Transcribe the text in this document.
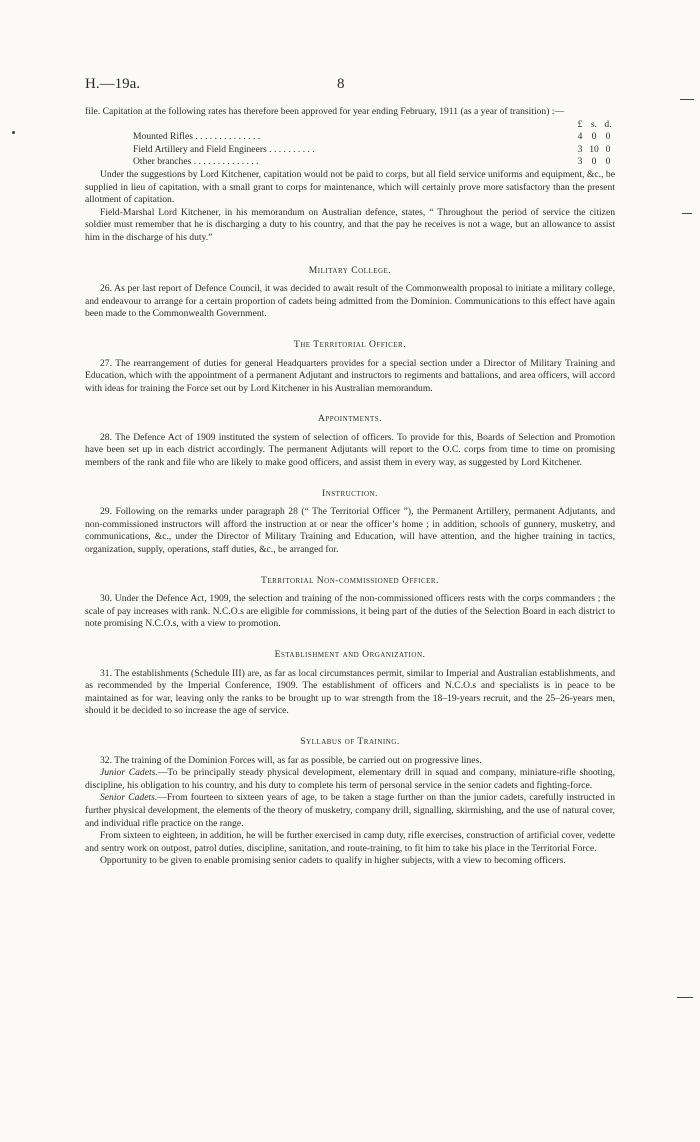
H.—19a.	8

file. Capitation at the following rates has therefore been approved for year ending February, 1911 (as a year of transition) :—

£ s. d.
Mounted Rifles . . . . . . . . . . . . . .	4 0 0
Field Artillery and Field Engineers . . . . . . . . . .	3 10 0
Other branches . . . . . . . . . . . . . .	3 0 0

Under the suggestions by Lord Kitchener, capitation would not be paid to corps, but all field service uniforms and equipment, &c., be supplied in lieu of capitation, with a small grant to corps for maintenance, which will certainly prove more satisfactory than the present allotment of capitation.

Field-Marshal Lord Kitchener, in his memorandum on Australian defence, states, “ Throughout the period of service the citizen soldier must remember that he is discharging a duty to his country, and that the pay he receives is not a wage, but an allowance to assist him in the discharge of his duty.”

Military College.

26. As per last report of Defence Council, it was decided to await result of the Commonwealth proposal to initiate a military college, and endeavour to arrange for a certain proportion of cadets being admitted from the Dominion. Communications to this effect have again been made to the Commonwealth Government.

The Territorial Officer.

27. The rearrangement of duties for general Headquarters provides for a special section under a Director of Military Training and Education, which with the appointment of a permanent Adjutant and instructors to regiments and battalions, and area officers, will accord with ideas for training the Force set out by Lord Kitchener in his Australian memorandum.

Appointments.

28. The Defence Act of 1909 instituted the system of selection of officers. To provide for this, Boards of Selection and Promotion have been set up in each district accordingly. The permanent Adjutants will report to the O.C. corps from time to time on promising members of the rank and file who are likely to make good officers, and assist them in every way, as suggested by Lord Kitchener.

Instruction.

29. Following on the remarks under paragraph 28 (“ The Territorial Officer ”), the Permanent Artillery, permanent Adjutants, and non-commissioned instructors will afford the instruction at or near the officer’s home ; in addition, schools of gunnery, musketry, and communications, &c., under the Director of Military Training and Education, will have attention, and the higher training in tactics, organization, supply, operations, staff duties, &c., be arranged for.

Territorial Non-commissioned Officer.

30. Under the Defence Act, 1909, the selection and training of the non-commissioned officers rests with the corps commanders ; the scale of pay increases with rank. N.C.O.s are eligible for commissions, it being part of the duties of the Selection Board in each district to note promising N.C.O.s, with a view to promotion.

Establishment and Organization.

31. The establishments (Schedule III) are, as far as local circumstances permit, similar to Imperial and Australian establishments, and as recommended by the Imperial Conference, 1909. The establishment of officers and N.C.O.s and specialists is in peace to be maintained as for war, leaving only the ranks to be brought up to war strength from the 18–19-years recruit, and the 25–26-years men, should it be decided to so increase the age of service.

Syllabus of Training.

32. The training of the Dominion Forces will, as far as possible, be carried out on progressive lines.

Junior Cadets.—To be principally steady physical development, elementary drill in squad and company, miniature-rifle shooting, discipline, his obligation to his country, and his duty to complete his term of personal service in the senior cadets and fighting-force.

Senior Cadets.—From fourteen to sixteen years of age, to be taken a stage further on than the junior cadets, carefully instructed in further physical development, the elements of the theory of musketry, company drill, signalling, skirmishing, and the use of natural cover, and individual rifle practice on the range.

From sixteen to eighteen, in addition, he will be further exercised in camp duty, rifle exercises, construction of artificial cover, vedette and sentry work on outpost, patrol duties, discipline, sanitation, and route-training, to fit him to take his place in the Territorial Force.

Opportunity to be given to enable promising senior cadets to qualify in higher subjects, with a view to becoming officers.
